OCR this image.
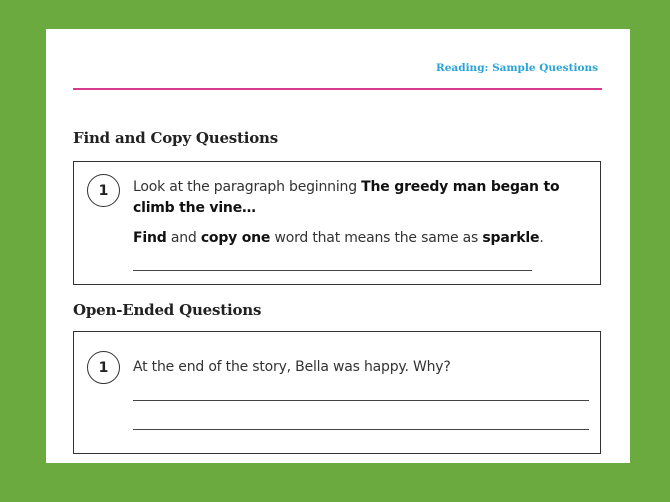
Reading: Sample Questions
Find and Copy Questions
1	Look at the paragraph beginning The greedy man began to climb the vine…
Find and copy one word that means the same as sparkle.
Open-Ended Questions
1	At the end of the story, Bella was happy. Why?
